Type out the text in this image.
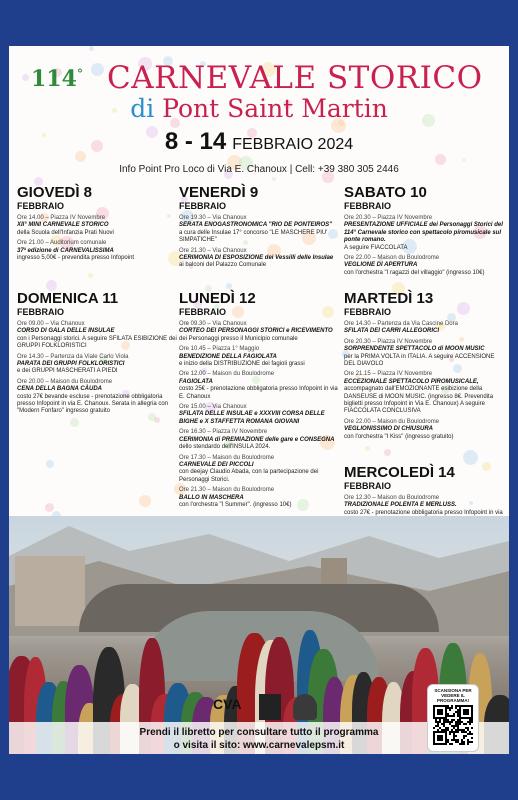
114° CARNEVALE STORICO
di Pont Saint Martin
8 - 14 FEBBRAIO 2024
Info Point Pro Loco di Via E. Chanoux | Cell: +39 380 305 2446
GIOVEDÌ 8
FEBBRAIO
Ore 14.00 – Piazza IV Novembre
XII° MINI CARNEVALE STORICO
della Scuola dell'Infanzia Prati Nuovi
Ore 21.00 – Auditorium comunale
37ª edizione di CARNEVALISSIMA
ingresso 5,00€ - prevendita presso Infopoint
VENERDÌ 9
FEBBRAIO
Ore 19.30 – Via Chanoux
SERATA ENOGASTRONOMICA "RIO DE PONTEIROS"
a cura delle Insulae 17° concorso "LE MASCHERE PIU' SIMPATICHE"
Ore 21.30 – Via Chanoux
CERIMONIA DI ESPOSIZIONE dei Vessilli delle Insulae
ai balconi del Palazzo Comunale
SABATO 10
FEBBRAIO
Ore 20.30 – Piazza IV Novembre
PRESENTAZIONE UFFICIALE dei Personaggi Storici del 114° Carnevale storico con spettacolo piromusicale sul ponte romano.
A seguire FIACCOLATA
Ore 22.00 – Maison du Boulodrome
VEGLIONE DI APERTURA
con l'orchestra "I ragazzi del villaggio" (ingresso 10€)
DOMENICA 11
FEBBRAIO
Ore 09.00 – Via Chanoux
CORSO DI GALA DELLE INSULAE
con i Personaggi storici. A seguire SFILATA ESIBIZIONE dei GRUPPI FOLKLORISTICI
Ore 14.30 – Partenza da Viale Carlo Viola
PARATA DEI GRUPPI FOLKLORISTICI
e dei GRUPPI MASCHERATI A PIEDI
Ore 20.00 – Maison du Boulodrome
CENA DELLA BAGNA CÀUDA
costo 27€ bevande escluse - prenotazione obbligatoria presso Infopoint in via E. Chanoux. Serata in allegria con "Modern Fonfaro" ingresso gratuito
LUNEDÌ 12
FEBBRAIO
Ore 09.30 – Via Chanoux
CORTEO DEI PERSONAGGI STORICI e RICEVIMENTO
dei Personaggi presso il Municipio comunale
Ore 10.45 – Piazza 1° Maggio
BENEDIZIONE DELLA FAGIOLATA
e inizio della DISTRIBUZIONE dei fagioli grassi
Ore 12.00 – Maison du Boulodrome
FAGIOLATA
costo 25€ - prenotazione obbligatoria presso Infopoint in via E. Chanoux
Ore 15.00 – Via Chanoux
SFILATA DELLE INSULAE e XXXVIII CORSA DELLE BIGHE e X STAFFETTA ROMANA GIOVANI
Ore 16.30 – Piazza IV Novembre
CERIMONIA di PREMIAZIONE delle gare e CONSEGNA
dello stendardo dell'INSULA 2024.
Ore 17.30 – Maison du Boulodrome
CARNEVALE DEI PICCOLI
con deejay Claudio Abada, con la partecipazione dei Personaggi Storici.
Ore 21.30 – Maison du Boulodrome
BALLO IN MASCHERA
con l'orchestra "I Summer". (ingresso 10€)
MARTEDÌ 13
FEBBRAIO
Ore 14.30 – Partenza da Via Cascine Dora
SFILATA DEI CARRI ALLEGORICI
Ore 20.30 – Piazza IV Novembre
SORPRENDENTE SPETTACOLO di MOON MUSIC
per la PRIMA VOLTA in ITALIA. A seguire ACCENSIONE DEL DIAVOLO
Ore 21.15 – Piazza IV Novembre
ECCEZIONALE SPETTACOLO PIROMUSICALE,
accompagnato dall'EMOZIONANTE esibizione della DANSEUSE di MOON MUSIC. (ingresso 8€. Prevendita biglietti presso Infopoint in Via E. Chanoux) A seguire FIACCOLATA CONCLUSIVA
Ore 22.00 – Maison du Boulodrome
VEGLIONISSIMO DI CHIUSURA
con l'orchestra "I Kiss" (ingresso gratuito)
MERCOLEDÌ 14
FEBBRAIO
Ore 12.30 – Maison du Boulodrome
TRADIZIONALE POLENTA E MERLUSS.
costo 27€ - prenotazione obbligatoria presso Infopoint in via
CVA
Prendi il libretto per consultare tutto il programma
o visita il sito: www.carnevalepsm.it
SCANSIONA PER VEDERE IL PROGRAMMA!
